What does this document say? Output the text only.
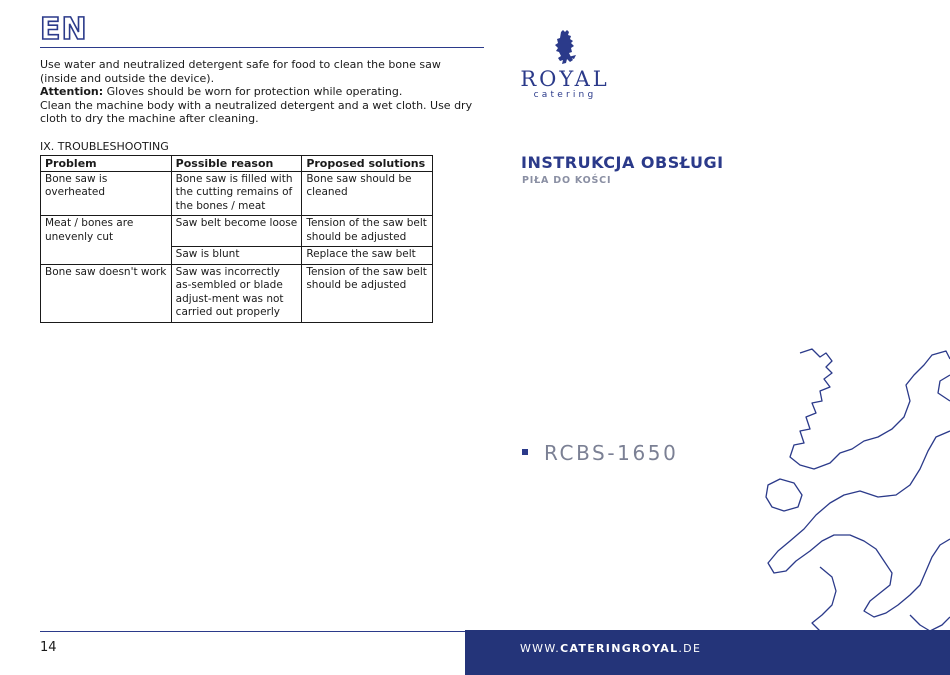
EN

Use water and neutralized detergent safe for food to clean the bone saw (inside and outside the device).

Attention: Gloves should be worn for protection while operating.

Clean the machine body with a neutralized detergent and a wet cloth. Use dry cloth to dry the machine after cleaning.

IX. TROUBLESHOOTING
Problem	Possible reason	Proposed solutions
Bone saw is overheated	Bone saw is filled with the cutting remains of the bones / meat	Bone saw should be cleaned
Meat / bones are unevenly cut	Saw belt become loose	Tension of the saw belt should be adjusted
	Saw is blunt	Replace the saw belt
Bone saw doesn't work	Saw was incorrectly as-sembled or blade adjust-ment was not carried out properly	Tension of the saw belt should be adjusted
14
ROYAL
catering
INSTRUKCJA OBSŁUGI
PIŁA DO KOŚCI
RCBS-1650
WWW.CATERINGROYAL.DE
